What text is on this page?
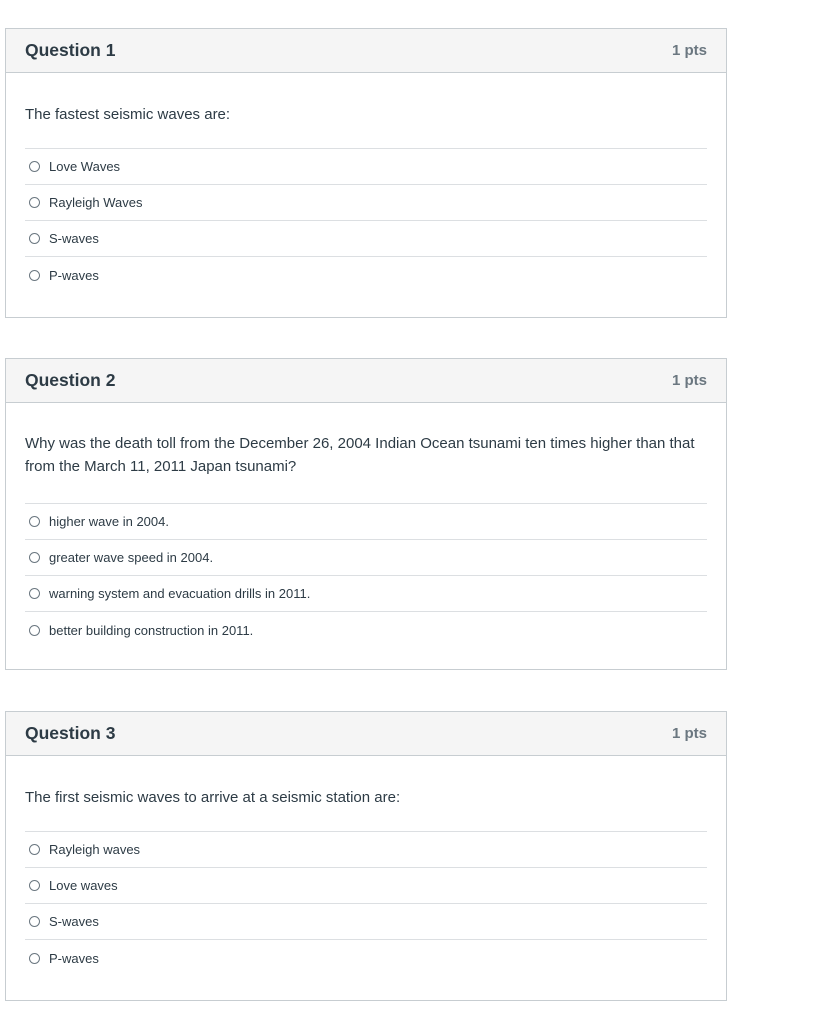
Question 1	1 pts
The fastest seismic waves are:
Love Waves
Rayleigh Waves
S-waves
P-waves
Question 2	1 pts
Why was the death toll from the December 26, 2004 Indian Ocean tsunami ten times higher than that from the March 11, 2011 Japan tsunami?
higher wave in 2004.
greater wave speed in 2004.
warning system and evacuation drills in 2011.
better building construction in 2011.
Question 3	1 pts
The first seismic waves to arrive at a seismic station are:
Rayleigh waves
Love waves
S-waves
P-waves
